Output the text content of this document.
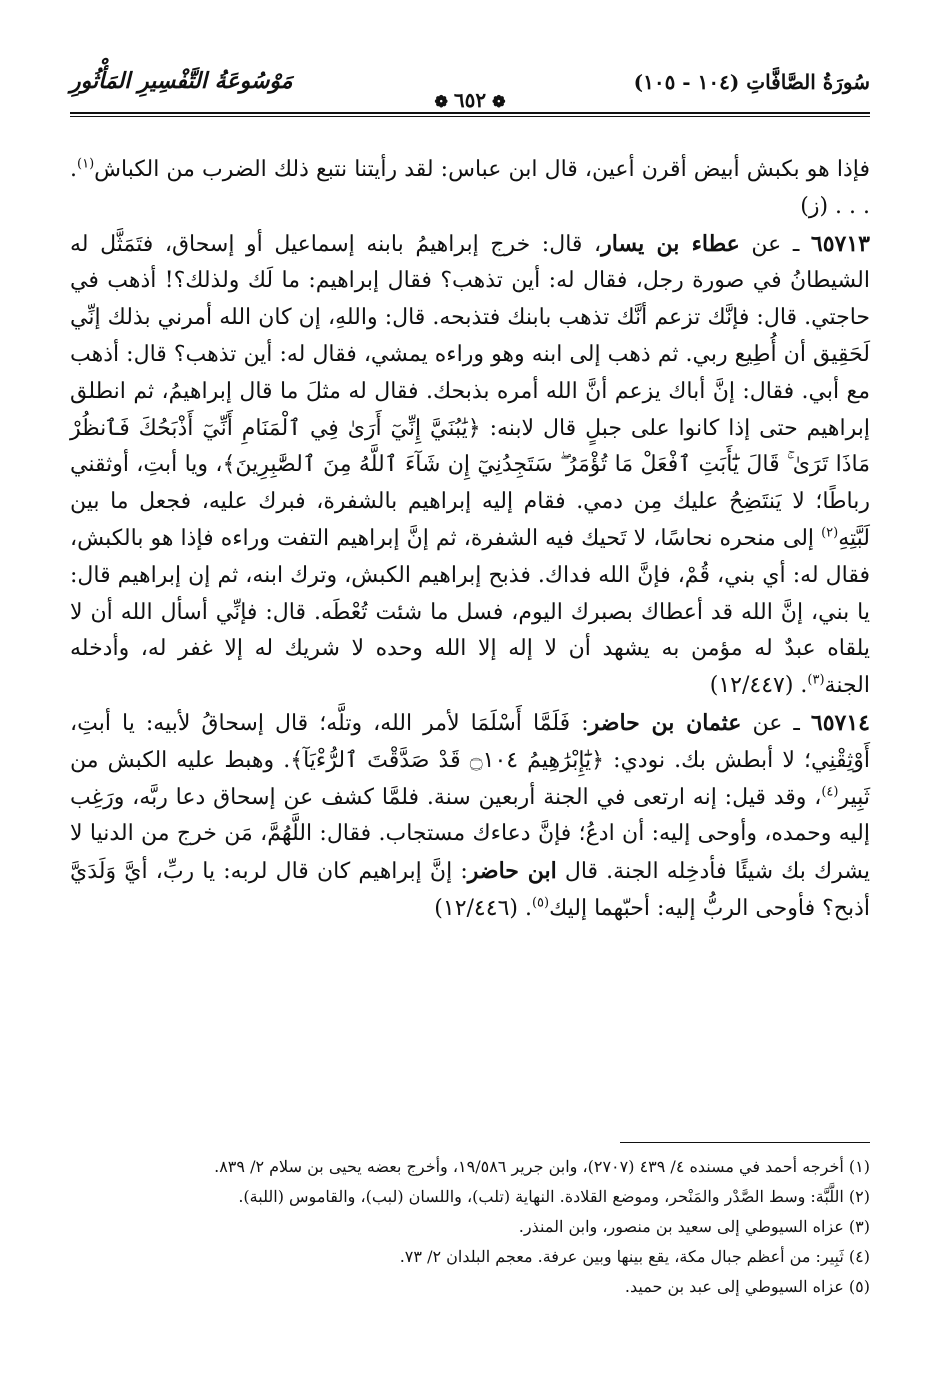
سُورَةُ الصَّافَّاتِ (١٠٤ - ١٠٥)
❁٦٥٢❁
مَوْسُوعَةُ التَّفْسِيرِ المَأْثُورِ

فإذا هو بكبش أبيض أقرن أعين، قال ابن عباس: لقد رأيتنا نتبع ذلك الضرب من الكباش$^{(١)}$. . . . (ز)

٦٥٧١٣ ـ عن عطاء بن يسار، قال: خرج إبراهيمُ بابنه إسماعيل أو إسحاق، فتَمَثَّل له الشيطانُ في صورة رجل، فقال له: أين تذهب؟ فقال إبراهيم: ما لَك ولذلك؟! أذهب في حاجتي. قال: فإنَّك تزعم أنَّك تذهب بابنك فتذبحه. قال: واللهِ، إن كان الله أمرني بذلك إنِّي لَحَقِيق أن أُطِيع ربي. ثم ذهب إلى ابنه وهو وراءه يمشي، فقال له: أين تذهب؟ قال: أذهب مع أبي. فقال: إنَّ أباك يزعم أنَّ الله أمره بذبحك. فقال له مثلَ ما قال إبراهيمُ، ثم انطلق إبراهيم حتى إذا كانوا على جبلٍ قال لابنه: ﴿يَٰبُنَيَّ إِنِّيٓ أَرَىٰ فِي ٱلْمَنَامِ أَنِّيٓ أَذْبَحُكَ فَٱنظُرْ مَاذَا تَرَىٰ ۚ قَالَ يَٰٓأَبَتِ ٱفْعَلْ مَا تُؤْمَرُ ۖ سَتَجِدُنِيٓ إِن شَآءَ ٱللَّهُ مِنَ ٱلصَّٰبِرِينَ﴾، ويا أبتِ، أوثقني رباطًا؛ لا يَنتَضِحُ عليك مِن دمي. فقام إليه إبراهيم بالشفرة، فبرك عليه، فجعل ما بين لَبَّتِهِ$^{(٢)}$ إلى منحره نحاسًا، لا تَحيك فيه الشفرة، ثم إنَّ إبراهيم التفت وراءه فإذا هو بالكبش، فقال له: أي بني، قُمْ، فإنَّ الله فداك. فذبح إبراهيم الكبش، وترك ابنه، ثم إن إبراهيم قال: يا بني، إنَّ الله قد أعطاك بصبرك اليوم، فسل ما شئت تُعْطَه. قال: فإنِّي أسأل الله أن لا يلقاه عبدٌ له مؤمن به يشهد أن لا إله إلا الله وحده لا شريك له إلا غفر له، وأدخله الجنة$^{(٣)}$. (١٢/٤٤٧)

٦٥٧١٤ ـ عن عثمان بن حاضر: فَلَمَّا أَسْلَمَا لأمر الله، وتلَّه؛ قال إسحاقُ لأبيه: يا أبتِ، أَوْثِقْنِي؛ لا أبطش بك. نودي: ﴿يَٰٓإِبْرَٰهِيمُ ۝١٠٤ قَدْ صَدَّقْتَ ٱلرُّءْيَآ﴾. وهبط عليه الكبش من ثَبِير$^{(٤)}$، وقد قيل: إنه ارتعى في الجنة أربعين سنة. فلمَّا كشف عن إسحاق دعا ربَّه، ورَغِب إليه وحمده، وأوحى إليه: أن ادعُ؛ فإنَّ دعاءك مستجاب. فقال: اللَّهُمَّ، مَن خرج من الدنيا لا يشرك بك شيئًا فأدخِله الجنة. قال ابن حاضر: إنَّ إبراهيم كان قال لربه: يا ربِّ، أيَّ وَلَدَيَّ أذبح؟ فأوحى الربُّ إليه: أحبّهما إليك$^{(٥)}$. (١٢/٤٤٦)

(١) أخرجه أحمد في مسنده ٤/ ٤٣٩ (٢٧٠٧)، وابن جرير ١٩/٥٨٦، وأخرج بعضه يحيى بن سلام ٢/ ٨٣٩.

(٢) اللَّبَّة: وسط الصَّدْر والمَنْحر، وموضع القلادة. النهاية (تلب)، واللسان (لبب)، والقاموس (اللبة).

(٣) عزاه السيوطي إلى سعيد بن منصور، وابن المنذر.

(٤) ثَبِير: من أعظم جبال مكة، يقع بينها وبين عرفة. معجم البلدان ٢/ ٧٣.

(٥) عزاه السيوطي إلى عبد بن حميد.
